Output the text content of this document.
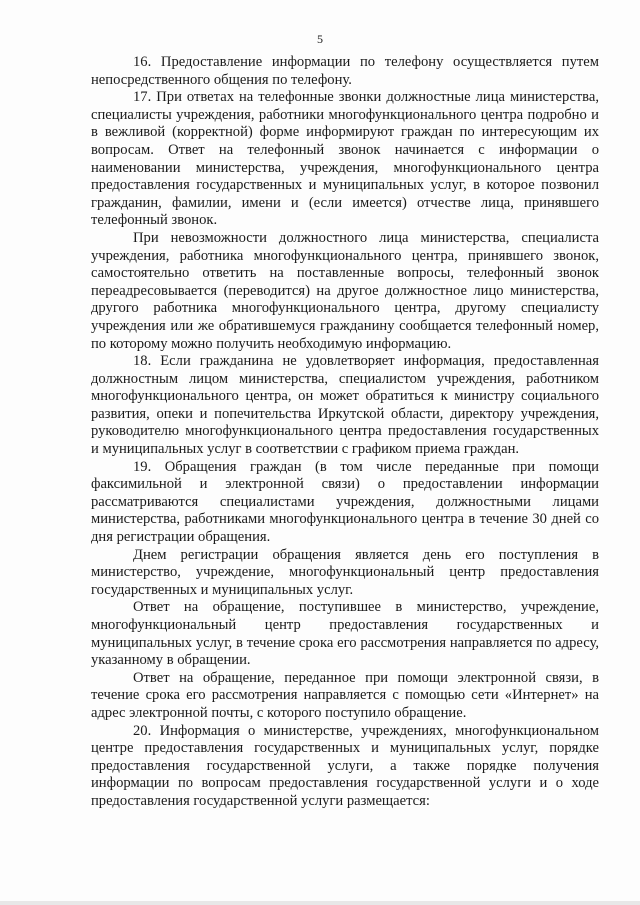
5

16. Предоставление информации по телефону осуществляется путем непосредственного общения по телефону.

17. При ответах на телефонные звонки должностные лица министерства, специалисты учреждения, работники многофункционального центра подробно и в вежливой (корректной) форме информируют граждан по интересующим их вопросам. Ответ на телефонный звонок начинается с информации о наименовании министерства, учреждения, многофункционального центра предоставления государственных и муниципальных услуг, в которое позвонил гражданин, фамилии, имени и (если имеется) отчестве лица, принявшего телефонный звонок.

При невозможности должностного лица министерства, специалиста учреждения, работника многофункционального центра, принявшего звонок, самостоятельно ответить на поставленные вопросы, телефонный звонок переадресовывается (переводится) на другое должностное лицо министерства, другого работника многофункционального центра, другому специалисту учреждения или же обратившемуся гражданину сообщается телефонный номер, по которому можно получить необходимую информацию.

18. Если гражданина не удовлетворяет информация, предоставленная должностным лицом министерства, специалистом учреждения, работником многофункционального центра, он может обратиться к министру социального развития, опеки и попечительства Иркутской области, директору учреждения, руководителю многофункционального центра предоставления государственных и муниципальных услуг в соответствии с графиком приема граждан.

19. Обращения граждан (в том числе переданные при помощи факсимильной и электронной связи) о предоставлении информации рассматриваются специалистами учреждения, должностными лицами министерства, работниками многофункционального центра в течение 30 дней со дня регистрации обращения.

Днем регистрации обращения является день его поступления в министерство, учреждение, многофункциональный центр предоставления государственных и муниципальных услуг.

Ответ на обращение, поступившее в министерство, учреждение, многофункциональный центр предоставления государственных и муниципальных услуг, в течение срока его рассмотрения направляется по адресу, указанному в обращении.

Ответ на обращение, переданное при помощи электронной связи, в течение срока его рассмотрения направляется с помощью сети «Интернет» на адрес электронной почты, с которого поступило обращение.

20. Информация о министерстве, учреждениях, многофункциональном центре предоставления государственных и муниципальных услуг, порядке предоставления государственной услуги, а также порядке получения информации по вопросам предоставления государственной услуги и о ходе предоставления государственной услуги размещается:
